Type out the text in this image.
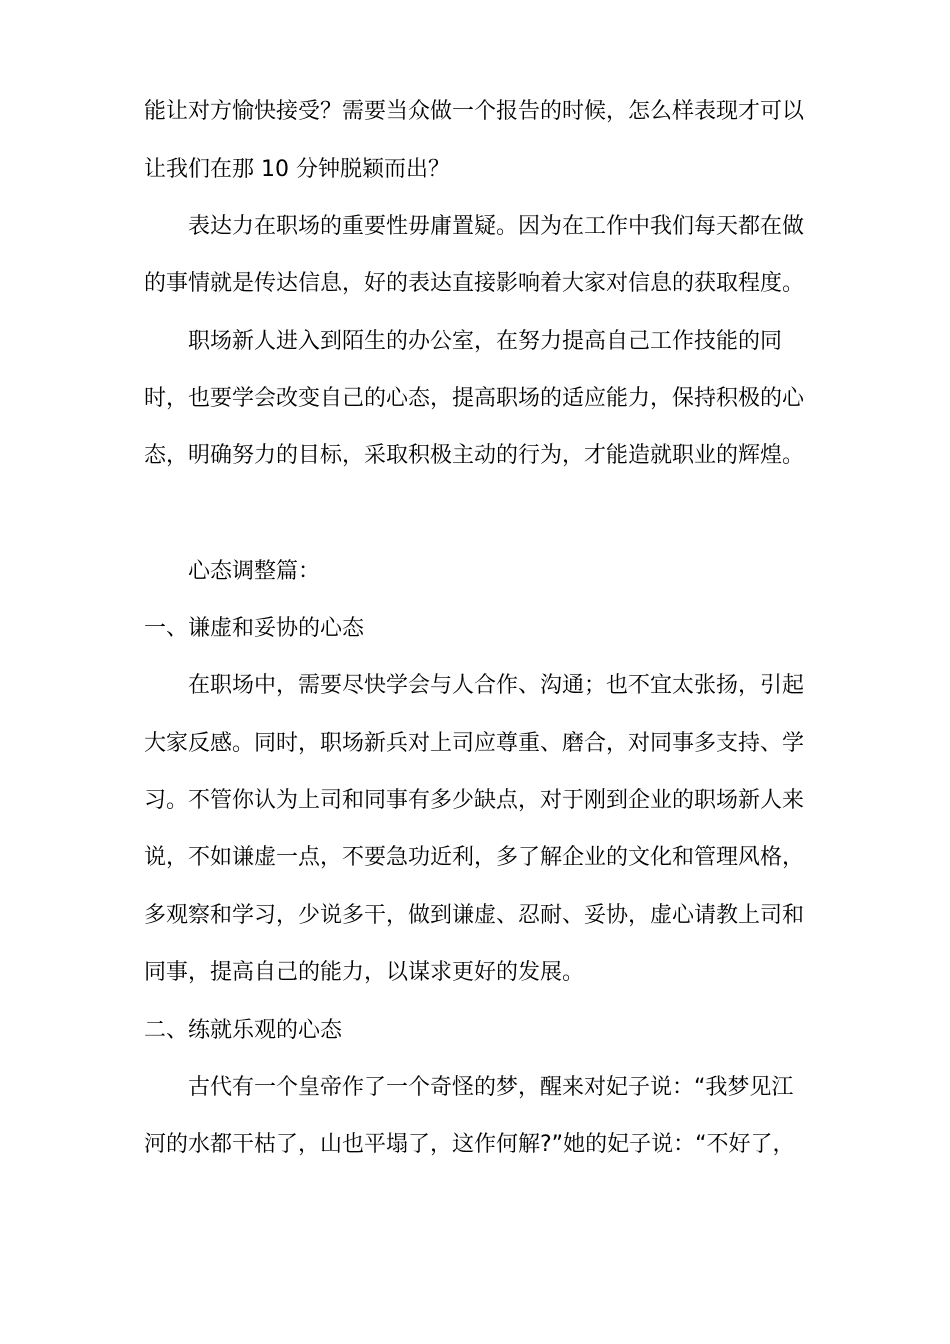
能让对方愉快接受？需要当众做一个报告的时候，怎么样表现才可以
让我们在那 10 分钟脱颖而出？
表达力在职场的重要性毋庸置疑。因为在工作中我们每天都在做
的事情就是传达信息，好的表达直接影响着大家对信息的获取程度。
职场新人进入到陌生的办公室，在努力提高自己工作技能的同
时，也要学会改变自己的心态，提高职场的适应能力，保持积极的心
态，明确努力的目标，采取积极主动的行为，才能造就职业的辉煌。
心态调整篇：
一、谦虚和妥协的心态
在职场中，需要尽快学会与人合作、沟通；也不宜太张扬，引起
大家反感。同时，职场新兵对上司应尊重、磨合，对同事多支持、学
习。不管你认为上司和同事有多少缺点，对于刚到企业的职场新人来
说，不如谦虚一点，不要急功近利，多了解企业的文化和管理风格，
多观察和学习，少说多干，做到谦虚、忍耐、妥协，虚心请教上司和
同事，提高自己的能力，以谋求更好的发展。
二、练就乐观的心态
古代有一个皇帝作了一个奇怪的梦，醒来对妃子说：“我梦见江
河的水都干枯了，山也平塌了，这作何解?”她的妃子说：“不好了，
